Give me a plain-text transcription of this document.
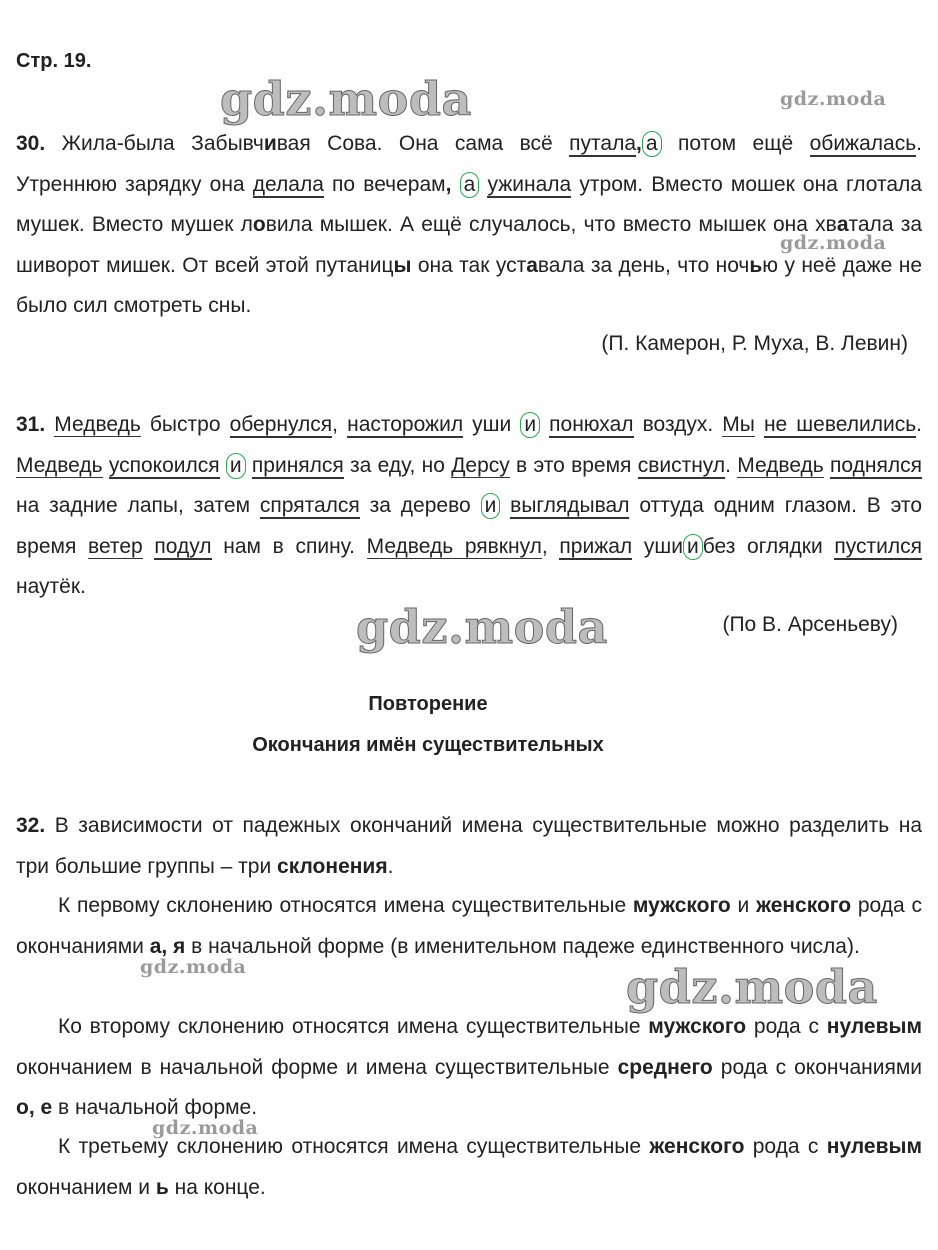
Стр. 19.
30. Жила-была Забывчивая Сова. Она сама всё путала, а потом ещё обижалась. Утреннюю зарядку она делала по вечерам, а ужинала утром. Вместо мошек она глотала мушек. Вместо мушек ловила мышек. А ещё случалось, что вместо мышек она хватала за шиворот мишек. От всей этой путаницы она так уставала за день, что ночью у неё даже не было сил смотреть сны.
(П. Камерон, Р. Муха, В. Левин)
31. Медведь быстро обернулся, насторожил уши и понюхал воздух. Мы не шевелились. Медведь успокоился и принялся за еду, но Дерсу в это время свистнул. Медведь поднялся на задние лапы, затем спрятался за дерево и выглядывал оттуда одним глазом. В это время ветер подул нам в спину. Медведь рявкнул, прижал уши и без оглядки пустился наутёк.
(По В. Арсеньеву)
Повторение
Окончания имён существительных
32. В зависимости от падежных окончаний имена существительные можно разделить на три большие группы – три склонения.
К первому склонению относятся имена существительные мужского и женского рода с окончаниями а, я в начальной форме (в именительном падеже единственного числа).
Ко второму склонению относятся имена существительные мужского рода с нулевым окончанием в начальной форме и имена существительные среднего рода с окончаниями о, е в начальной форме.
К третьему склонению относятся имена существительные женского рода с нулевым окончанием и ь на конце.
gdz.moda	gdz.moda
gdz.moda
gdz.moda
gdz.moda	gdz.moda
gdz.moda
